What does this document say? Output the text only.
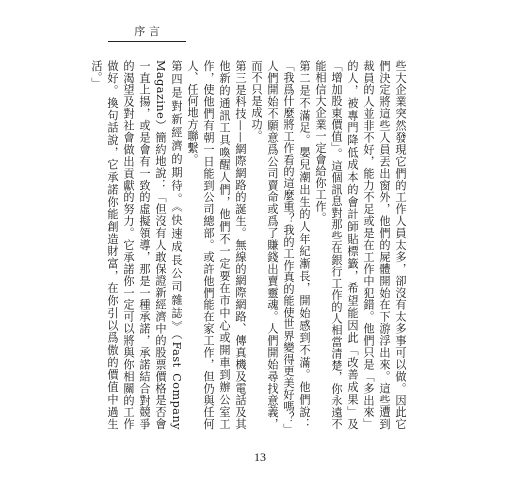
序 言

些大企業突然發現它們的工作人員太多，卻沒有太多事可以做。因此它們決定將這些人員丟出窗外，他們的屍體開始在下游浮出來。這些遭到裁員的人並非不好，能力不足或是在工作中犯錯。他們只是「多出來」的人，被專門降低成本的會計師貼標籤，希望能因此「改善成果」及「增加股東價值」。這個訊息對那些在銀行工作的人相當清楚，你永遠不能相信大企業一定會給你工作。

第二是不滿足。嬰兒潮出生的人年紀漸長，開始感到不滿。他們說：「我爲什麼將工作看的這麼重？我的工作真的能使世界變得更美好嗎？」人們開始不願意爲公司賣命或爲了賺錢出賣靈魂。人們開始尋找意義，而不只是成功。

第三是科技——網際網路的誕生。無線的網際網路、傳真機及電話及其他新的通訊工具喚醒人們，他們不一定要在市中心或開車到辦公室工作，使他們有朝一日能到公司總部。或許他們能在家工作，但仍與任何人、任何地方聯繫。

第四是對新經濟的期待。《快速成長公司雜誌》（Fast Company Magazine）簡約地說：「但沒有人敢保證新經濟中的股票價格是否會一直上揚，或是會有一致的虛擬領導，那是一種承諾，承諾結合對競爭的渴望及對社會做出貢獻的努力。它承諾你一定可以將與你相關的工作做好。換句話說，它承諾你能創造財富，在你引以爲傲的價值中過生活。」

13
